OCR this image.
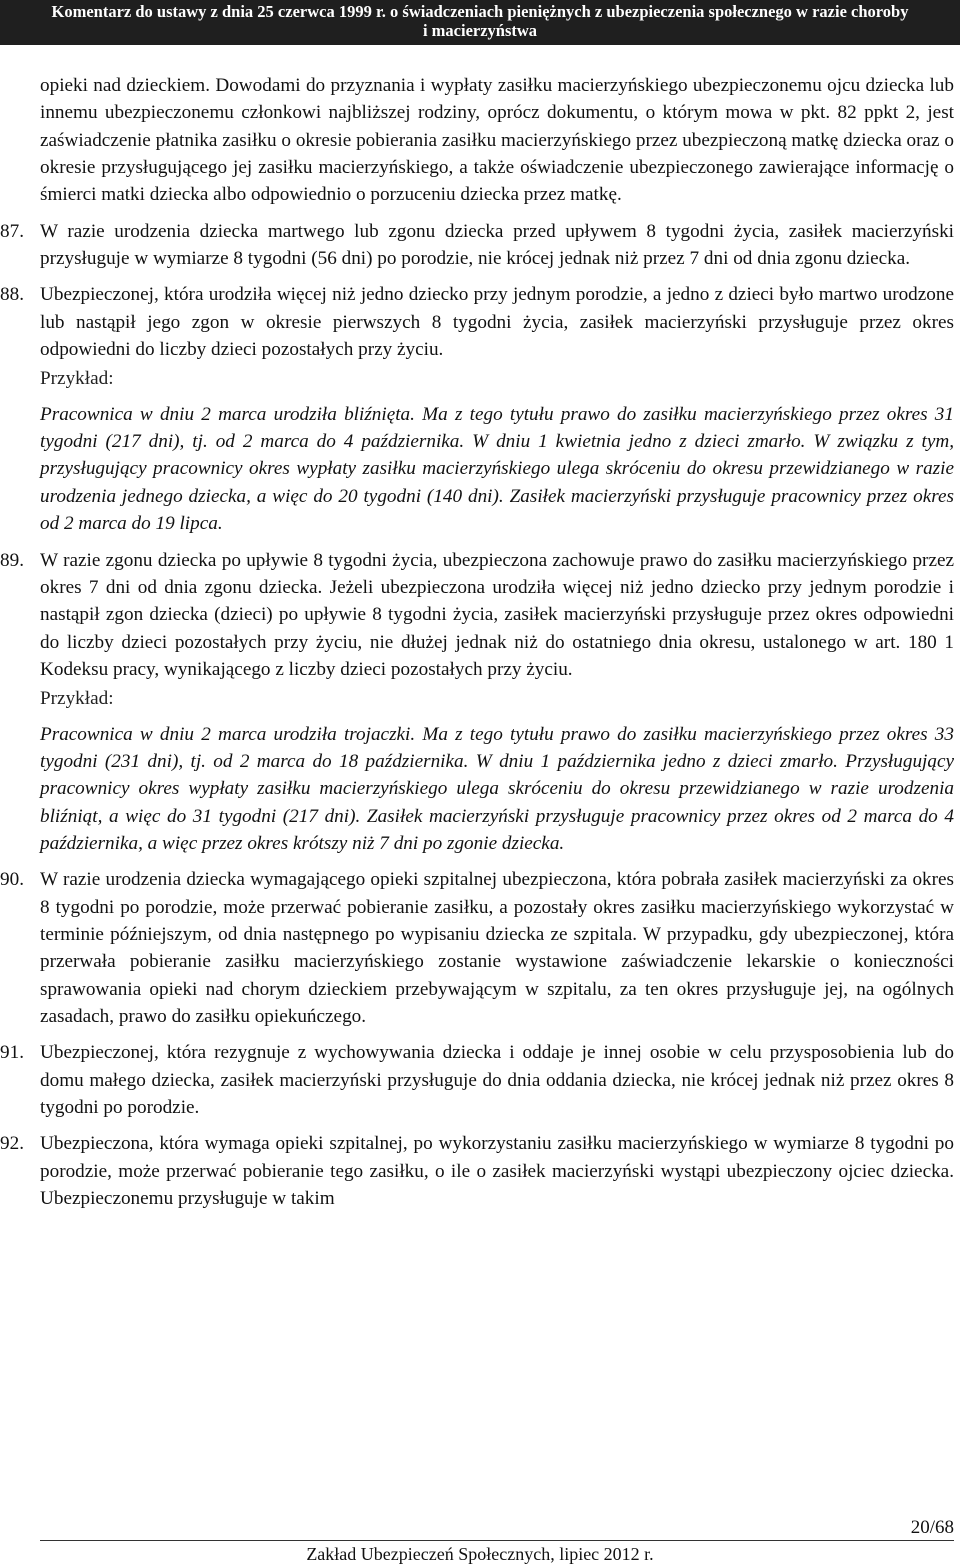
Komentarz do ustawy z dnia 25 czerwca 1999 r. o świadczeniach pieniężnych z ubezpieczenia społecznego w razie choroby
i macierzyństwa

opieki nad dzieckiem. Dowodami do przyznania i wypłaty zasiłku macierzyńskiego ubezpieczonemu ojcu dziecka lub innemu ubezpieczonemu członkowi najbliższej rodziny, oprócz dokumentu, o którym mowa w pkt. 82 ppkt 2, jest zaświadczenie płatnika zasiłku o okresie pobierania zasiłku macierzyńskiego przez ubezpieczoną matkę dziecka oraz o okresie przysługującego jej zasiłku macierzyńskiego, a także oświadczenie ubezpieczonego zawierające informację o śmierci matki dziecka albo odpowiednio o porzuceniu dziecka przez matkę.

87. W razie urodzenia dziecka martwego lub zgonu dziecka przed upływem 8 tygodni życia, zasiłek macierzyński przysługuje w wymiarze 8 tygodni (56 dni) po porodzie, nie krócej jednak niż przez 7 dni od dnia zgonu dziecka.

88. Ubezpieczonej, która urodziła więcej niż jedno dziecko przy jednym porodzie, a jedno z dzieci było martwo urodzone lub nastąpił jego zgon w okresie pierwszych 8 tygodni życia, zasiłek macierzyński przysługuje przez okres odpowiedni do liczby dzieci pozostałych przy życiu.

Przykład:

Pracownica w dniu 2 marca urodziła bliźnięta. Ma z tego tytułu prawo do zasiłku macierzyńskiego przez okres 31 tygodni (217 dni), tj. od 2 marca do 4 października. W dniu 1 kwietnia jedno z dzieci zmarło. W związku z tym, przysługujący pracownicy okres wypłaty zasiłku macierzyńskiego ulega skróceniu do okresu przewidzianego w razie urodzenia jednego dziecka, a więc do 20 tygodni (140 dni). Zasiłek macierzyński przysługuje pracownicy przez okres od 2 marca do 19 lipca.

89. W razie zgonu dziecka po upływie 8 tygodni życia, ubezpieczona zachowuje prawo do zasiłku macierzyńskiego przez okres 7 dni od dnia zgonu dziecka. Jeżeli ubezpieczona urodziła więcej niż jedno dziecko przy jednym porodzie i nastąpił zgon dziecka (dzieci) po upływie 8 tygodni życia, zasiłek macierzyński przysługuje przez okres odpowiedni do liczby dzieci pozostałych przy życiu, nie dłużej jednak niż do ostatniego dnia okresu, ustalonego w art. 180 1 Kodeksu pracy, wynikającego z liczby dzieci pozostałych przy życiu.

Przykład:

Pracownica w dniu 2 marca urodziła trojaczki. Ma z tego tytułu prawo do zasiłku macierzyńskiego przez okres 33 tygodni (231 dni), tj. od 2 marca do 18 października. W dniu 1 października jedno z dzieci zmarło. Przysługujący pracownicy okres wypłaty zasiłku macierzyńskiego ulega skróceniu do okresu przewidzianego w razie urodzenia bliźniąt, a więc do 31 tygodni (217 dni). Zasiłek macierzyński przysługuje pracownicy przez okres od 2 marca do 4 października, a więc przez okres krótszy niż 7 dni po zgonie dziecka.

90. W razie urodzenia dziecka wymagającego opieki szpitalnej ubezpieczona, która pobrała zasiłek macierzyński za okres 8 tygodni po porodzie, może przerwać pobieranie zasiłku, a pozostały okres zasiłku macierzyńskiego wykorzystać w terminie późniejszym, od dnia następnego po wypisaniu dziecka ze szpitala. W przypadku, gdy ubezpieczonej, która przerwała pobieranie zasiłku macierzyńskiego zostanie wystawione zaświadczenie lekarskie o konieczności sprawowania opieki nad chorym dzieckiem przebywającym w szpitalu, za ten okres przysługuje jej, na ogólnych zasadach, prawo do zasiłku opiekuńczego.

91. Ubezpieczonej, która rezygnuje z wychowywania dziecka i oddaje je innej osobie w celu przysposobienia lub do domu małego dziecka, zasiłek macierzyński przysługuje do dnia oddania dziecka, nie krócej jednak niż przez okres 8 tygodni po porodzie.

92. Ubezpieczona, która wymaga opieki szpitalnej, po wykorzystaniu zasiłku macierzyńskiego w wymiarze 8 tygodni po porodzie, może przerwać pobieranie tego zasiłku, o ile o zasiłek macierzyński wystąpi ubezpieczony ojciec dziecka. Ubezpieczonemu przysługuje w takim

20/68
Zakład Ubezpieczeń Społecznych, lipiec 2012 r.
